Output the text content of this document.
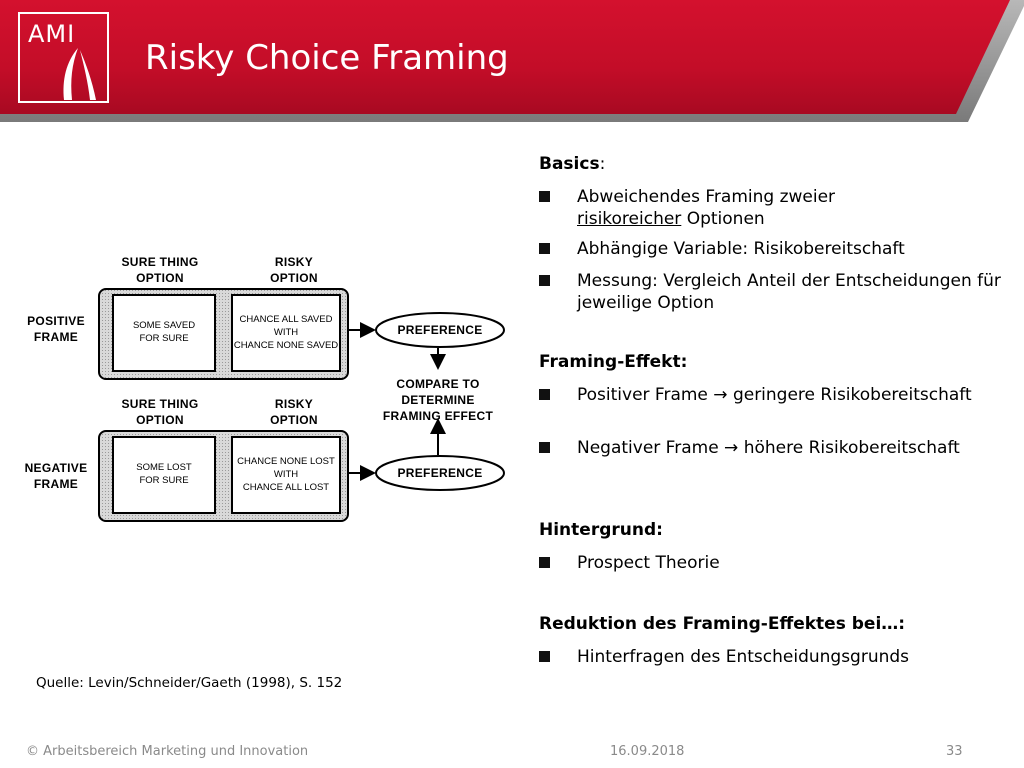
AMI
Risky Choice Framing
SURE THING
OPTION
RISKY
OPTION
POSITIVE
FRAME
SOME SAVED
FOR SURE
CHANCE ALL SAVED
WITH
CHANCE NONE SAVED
PREFERENCE
COMPARE TO
DETERMINE
FRAMING EFFECT
SURE THING
OPTION
RISKY
OPTION
NEGATIVE
FRAME
SOME LOST
FOR SURE
CHANCE NONE LOST
WITH
CHANCE ALL LOST
PREFERENCE
Quelle: Levin/Schneider/Gaeth (1998), S. 152
Basics:
Abweichendes Framing zweier
risikoreicher Optionen
Abhängige Variable: Risikobereitschaft
Messung: Vergleich Anteil der Entscheidungen für jeweilige Option
Framing-Effekt:
Positiver Frame → geringere Risikobereitschaft
Negativer Frame → höhere Risikobereitschaft
Hintergrund:
Prospect Theorie
Reduktion des Framing-Effektes bei…:
Hinterfragen des Entscheidungsgrunds
© Arbeitsbereich Marketing und Innovation	16.09.2018	33
